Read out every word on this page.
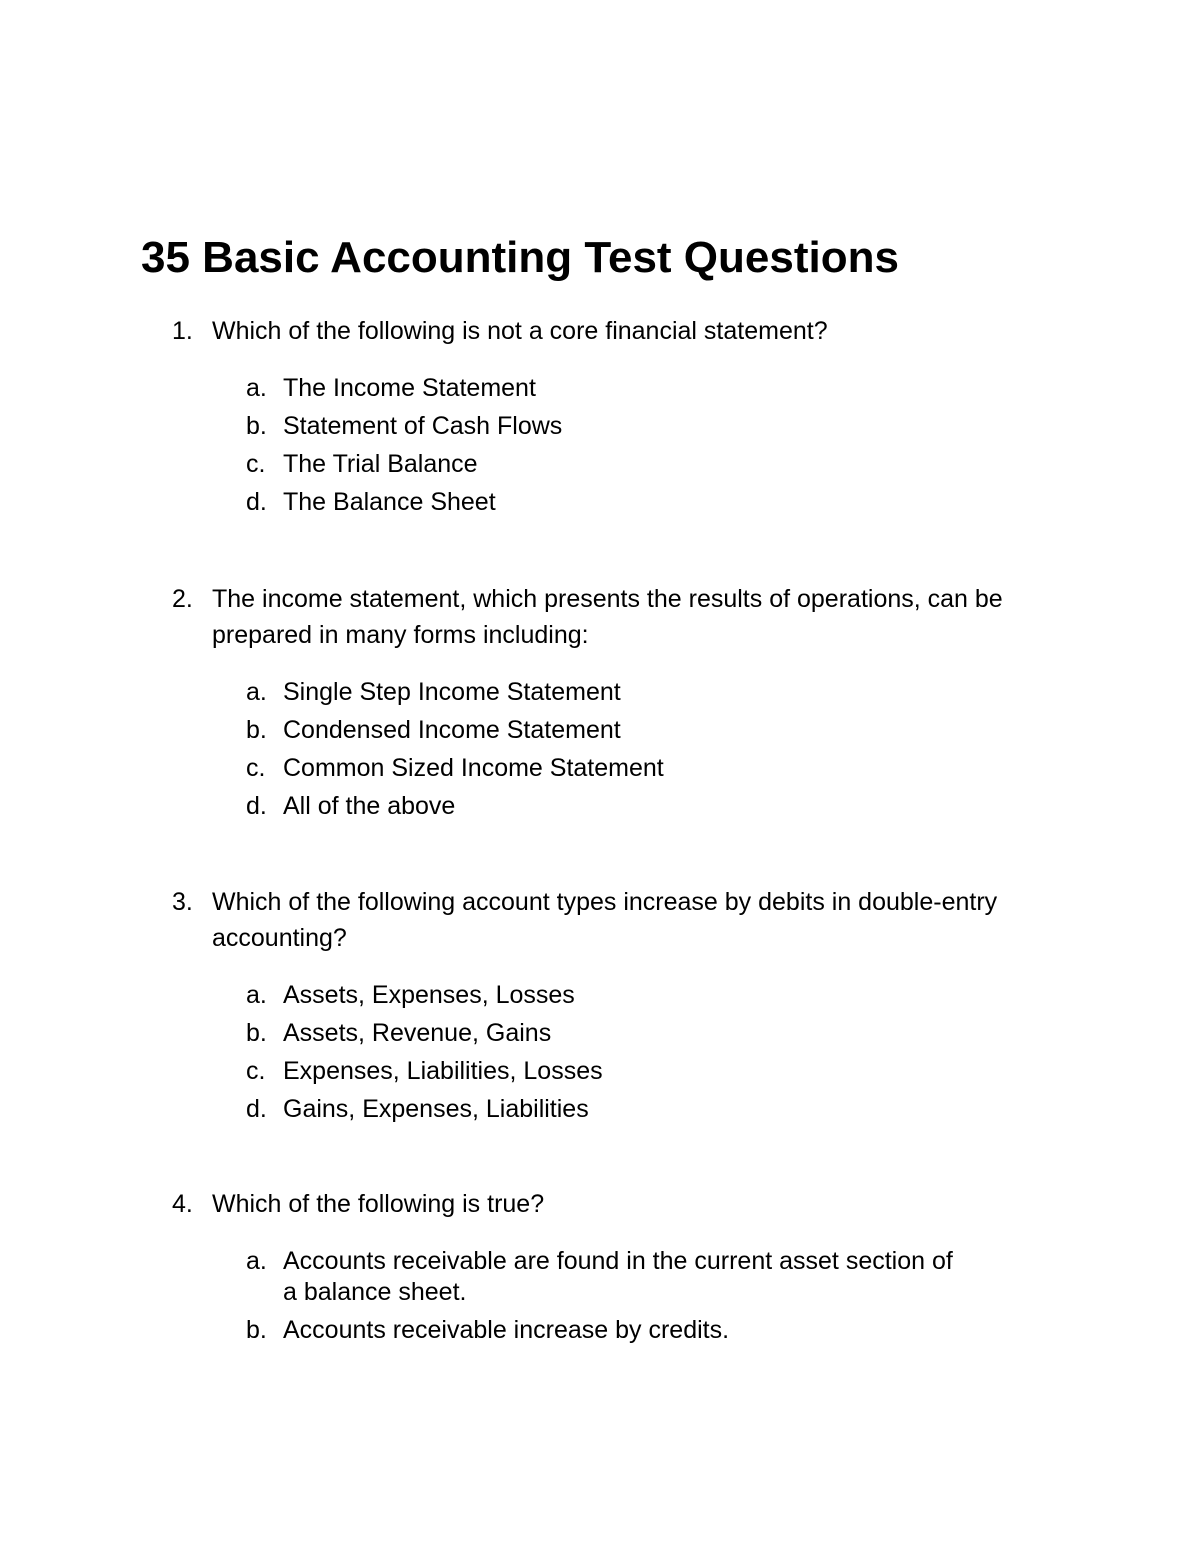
35 Basic Accounting Test Questions
1. Which of the following is not a core financial statement?
a. The Income Statement
b. Statement of Cash Flows
c. The Trial Balance
d. The Balance Sheet
2. The income statement, which presents the results of operations, can be prepared in many forms including:
a. Single Step Income Statement
b. Condensed Income Statement
c. Common Sized Income Statement
d. All of the above
3. Which of the following account types increase by debits in double-entry accounting?
a. Assets, Expenses, Losses
b. Assets, Revenue, Gains
c. Expenses, Liabilities, Losses
d. Gains, Expenses, Liabilities
4. Which of the following is true?
a. Accounts receivable are found in the current asset section of a balance sheet.
b. Accounts receivable increase by credits.
